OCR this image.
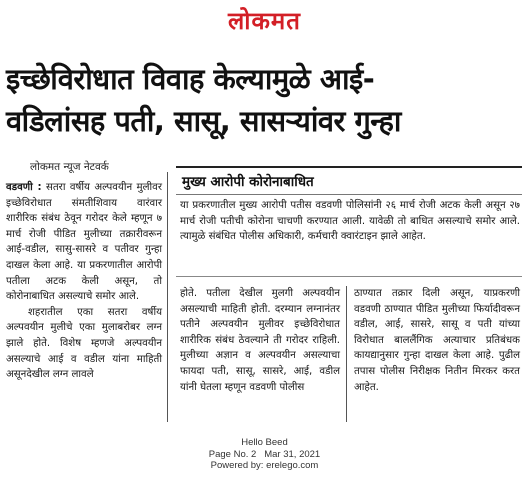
लोकमत
इच्छेविरोधात विवाह केल्यामुळे आई-
वडिलांसह पती, सासू, सासऱ्यांवर गुन्हा
लोकमत न्यूज नेटवर्क
वडवणी : सतरा वर्षीय अल्पवयीन मुलीवर इच्छेविरोधात संमतीशिवाय वारंवार शारीरिक संबंध ठेवून गरोदर केले म्हणून ७ मार्च रोजी पीडित मुलीच्या तक्रारीवरून आई-वडील, सासु-सासरे व पतीवर गुन्हा दाखल केला आहे. या प्रकरणातील आरोपी पतीला अटक केली असून, तो कोरोनाबाधित असल्याचे समोर आले.
शहरातील एका सतरा वर्षीय अल्पवयीन मुलीचे एका मुलाबरोबर लग्न झाले होते. विशेष म्हणजे अल्पवयीन असल्याचे आई व वडील यांना माहिती असूनदेखील लग्न लावले
मुख्य आरोपी कोरोनाबाधित
या प्रकरणातील मुख्य आरोपी पतीस वडवणी पोलिसांनी २६ मार्च रोजी अटक केली असून २७ मार्च रोजी पतीची कोरोना चाचणी करण्यात आली. यावेळी तो बाधित असल्याचे समोर आले. त्यामुळे संबंधित पोलीस अधिकारी, कर्मचारी क्वारंटाइन झाले आहेत.
होते. पतीला देखील मुलगी अल्पवयीन असल्याची माहिती होती. दरम्यान लग्नानंतर पतीने अल्पवयीन मुलीवर इच्छेविरोधात शारीरिक संबंध ठेवल्याने ती गरोदर राहिली. मुलीच्या अज्ञान व अल्पवयीन असल्याचा फायदा पती, सासू, सासरे, आई, वडील यांनी घेतला म्हणून वडवणी पोलीस
ठाण्यात तक्रार दिली असून, याप्रकरणी वडवणी ठाण्यात पीडित मुलीच्या फिर्यादीवरून वडील, आई, सासरे, सासू व पती यांच्या विरोधात बाललैंगिक अत्याचार प्रतिबंधक कायद्यानुसार गुन्हा दाखल केला आहे. पुढील तपास पोलीस निरीक्षक नितीन मिरकर करत आहेत.
Hello Beed
Page No. 2   Mar 31, 2021
Powered by: erelego.com
